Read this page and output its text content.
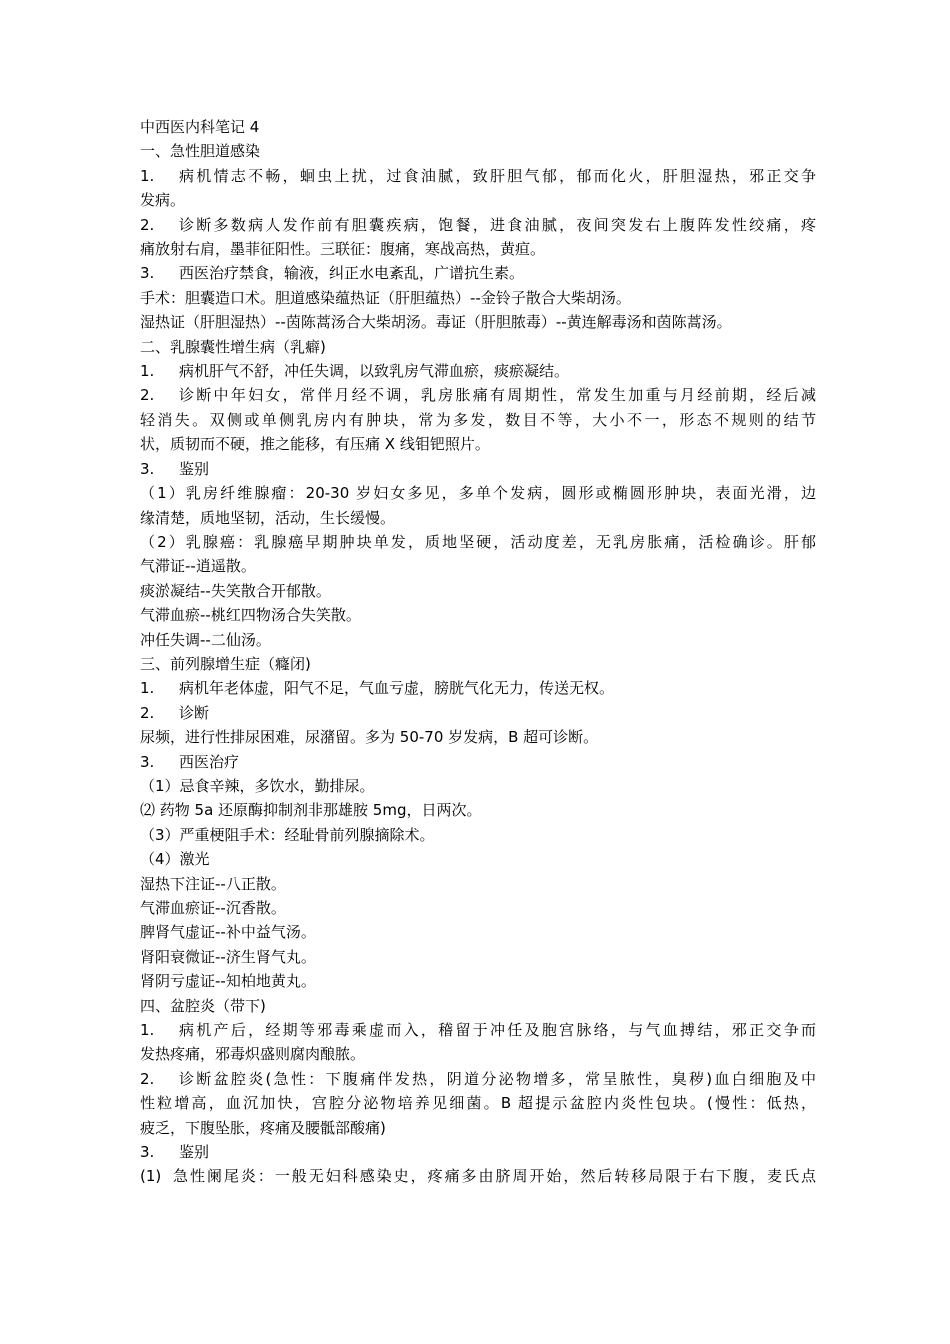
中西医内科笔记 4
一、急性胆道感染
1. 病机情志不畅，蛔虫上扰，过食油腻，致肝胆气郁，郁而化火，肝胆湿热，邪正交争
发病。
2. 诊断多数病人发作前有胆囊疾病，饱餐，进食油腻，夜间突发右上腹阵发性绞痛，疼
痛放射右肩，墨菲征阳性。三联征：腹痛，寒战高热，黄疸。
3. 西医治疗禁食，输液，纠正水电紊乱，广谱抗生素。
手术：胆囊造口术。胆道感染蕴热证（肝胆蕴热）--金铃子散合大柴胡汤。
湿热证（肝胆湿热）--茵陈蒿汤合大柴胡汤。毒证（肝胆脓毒）--黄连解毒汤和茵陈蒿汤。
二、乳腺囊性增生病（乳癖)
1. 病机肝气不舒，冲任失调，以致乳房气滞血瘀，痰瘀凝结。
2. 诊断中年妇女，常伴月经不调，乳房胀痛有周期性，常发生加重与月经前期，经后减
轻消失。双侧或单侧乳房内有肿块，常为多发，数目不等，大小不一，形态不规则的结节
状，质韧而不硬，推之能移，有压痛 X 线钼钯照片。
3. 鉴别
（1）乳房纤维腺瘤：20-30 岁妇女多见，多单个发病，圆形或椭圆形肿块，表面光滑，边
缘清楚，质地坚韧，活动，生长缓慢。
（2）乳腺癌：乳腺癌早期肿块单发，质地坚硬，活动度差，无乳房胀痛，活检确诊。肝郁
气滞证--逍遥散。
痰淤凝结--失笑散合开郁散。
气滞血瘀--桃红四物汤合失笑散。
冲任失调--二仙汤。
三、前列腺增生症（癃闭)
1. 病机年老体虚，阳气不足，气血亏虚，膀胱气化无力，传送无权。
2. 诊断
尿频，进行性排尿困难，尿潴留。多为 50-70 岁发病，B 超可诊断。
3. 西医治疗
（1）忌食辛辣，多饮水，勤排尿。
⑵ 药物 5a 还原酶抑制剂非那雄胺 5mg，日两次。
（3）严重梗阻手术：经耻骨前列腺摘除术。
（4）激光
湿热下注证--八正散。
气滞血瘀证--沉香散。
脾肾气虚证--补中益气汤。
肾阳衰微证--济生肾气丸。
肾阴亏虚证--知柏地黄丸。
四、盆腔炎（带下)
1. 病机产后，经期等邪毒乘虚而入，稽留于冲任及胞宫脉络，与气血搏结，邪正交争而
发热疼痛，邪毒炽盛则腐肉酿脓。
2. 诊断盆腔炎(急性：下腹痛伴发热，阴道分泌物增多，常呈脓性，臭秽)血白细胞及中
性粒增高，血沉加快，宫腔分泌物培养见细菌。B 超提示盆腔内炎性包块。(慢性：低热，
疲乏，下腹坠胀，疼痛及腰骶部酸痛)
3. 鉴别
(1) 急性阑尾炎：一般无妇科感染史，疼痛多由脐周开始，然后转移局限于右下腹，麦氏点
